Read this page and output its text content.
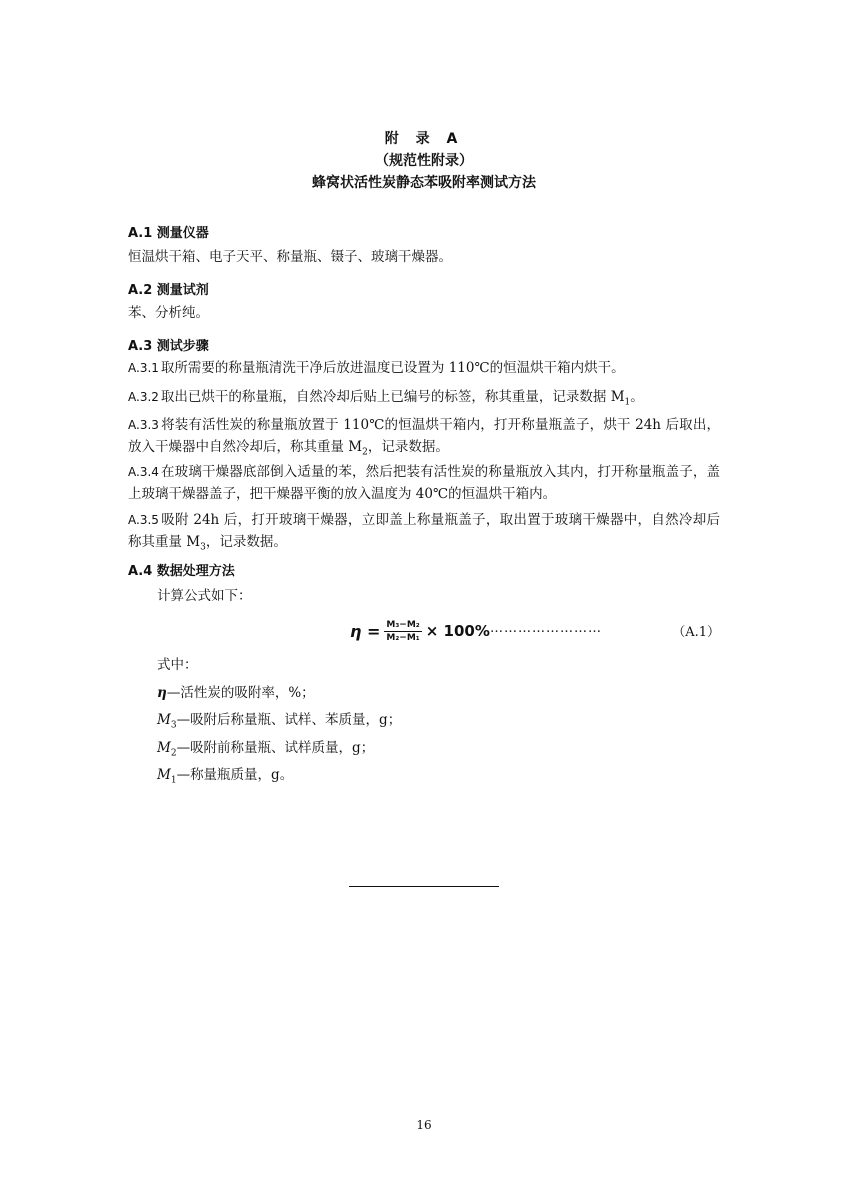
附 录 A
（规范性附录）
蜂窝状活性炭静态苯吸附率测试方法
A.1 测量仪器
恒温烘干箱、电子天平、称量瓶、镊子、玻璃干燥器。
A.2 测量试剂
苯、分析纯。
A.3 测试步骤
A.3.1 取所需要的称量瓶清洗干净后放进温度已设置为 110℃的恒温烘干箱内烘干。
A.3.2 取出已烘干的称量瓶，自然冷却后贴上已编号的标签，称其重量，记录数据 $M_1$。
A.3.3 将装有活性炭的称量瓶放置于 110℃的恒温烘干箱内，打开称量瓶盖子，烘干 24h 后取出，放入干燥器中自然冷却后，称其重量 $M_2$，记录数据。
A.3.4 在玻璃干燥器底部倒入适量的苯，然后把装有活性炭的称量瓶放入其内，打开称量瓶盖子，盖上玻璃干燥器盖子，把干燥器平衡的放入温度为 40℃的恒温烘干箱内。
A.3.5 吸附 24h 后，打开玻璃干燥器，立即盖上称量瓶盖子，取出置于玻璃干燥器中，自然冷却后称其重量 $M_3$，记录数据。
A.4 数据处理方法
计算公式如下：
$\eta = \frac{\text{M₃−M₂}}{\text{M₂−M₁}} \times 100\%$ ……………………	（A.1）
式中：
η—活性炭的吸附率，%；
$M_3—$吸附后称量瓶、试样、苯质量，g；
$M_2—$吸附前称量瓶、试样质量，g；
$M_1—$称量瓶质量，g。
16
